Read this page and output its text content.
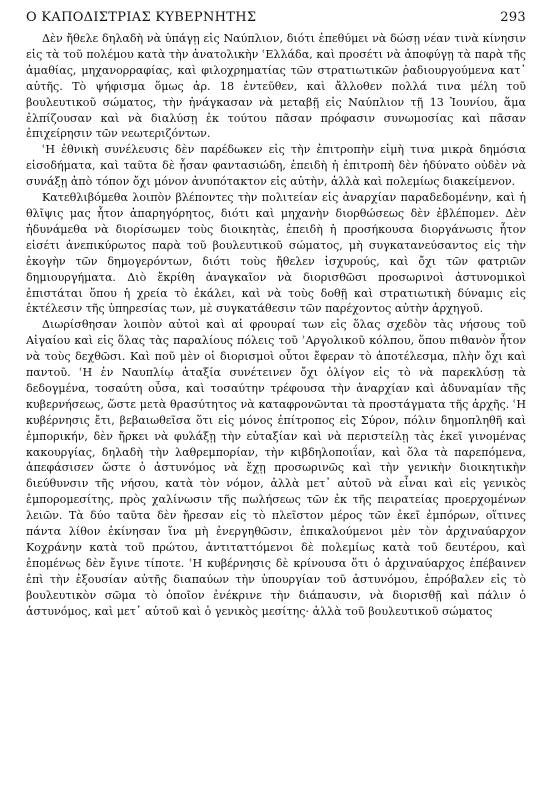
Ο ΚΑΠΟΔΙΣΤΡΙΑΣ ΚΥΒΕΡΝΗΤΗΣ	293

Δὲν ἤθελε δηλαδὴ νὰ ὑπάγῃ εἰς Ναύπλιον, διότι ἐπεθύμει νὰ δώσῃ νέαν τινὰ κίνησιν εἰς τὰ τοῦ πολέμου κατὰ τὴν ἀνατολικὴν ʿΕλλάδα, καὶ προσέτι νὰ ἀποφύγῃ τὰ παρὰ τῆς ἀμαθίας, μηχανορραφίας, καὶ φιλοχρηματίας τῶν στρατιωτικῶν ῥαδιουργούμενα κατ᾽ αὐτῆς. Τὸ ψήφισμα ὅμως ἀρ. 18 ἐντεῦθεν, καὶ ἄλλοθεν πολλά τινα μέλη τοῦ βουλευτικοῦ σώματος, τὴν ἠνάγκασαν νὰ μεταβῇ εἰς Ναύπλιον τῇ 13 Ἰουνίου, ἅμα ἐλπίζουσαν καὶ νὰ διαλύσῃ ἐκ τούτου πᾶσαν πρόφασιν συνωμοσίας καὶ πᾶσαν ἐπιχείρησιν τῶν νεωτεριζόντων.

ʿΗ ἐθνικὴ συνέλευσις δὲν παρέδωκεν εἰς τὴν ἐπιτροπὴν εἰμὴ τινα μικρὰ δημόσια εἰσοδήματα, καὶ ταῦτα δὲ ἦσαν φαντασιώδη, ἐπειδὴ ἡ ἐπιτροπὴ δὲν ἠδύνατο οὐδὲν νὰ συνάξῃ ἀπὸ τόπον ὄχι μόνον ἀνυπότακτον εἰς αὐτὴν, ἀλλὰ καὶ πολεμίως διακείμενον.

Κατεθλιβόμεθα λοιπὸν βλέποντες τὴν πολιτείαν εἰς ἀναρχίαν παραδεδομένην, καὶ ἡ θλῖψις μας ἦτον ἀπαρηγόρητος, διότι καὶ μηχανὴν διορθώσεως δὲν ἐβλέπομεν. Δὲν ἠδυνάμεθα νὰ διορίσωμεν τοὺς διοικητὰς, ἐπειδὴ ἡ προσήκουσα διοργάνωσις ἦτον εἰσέτι ἀνεπικύρωτος παρὰ τοῦ βουλευτικοῦ σώματος, μὴ συγκατανεύσαντος εἰς τὴν ἐκογὴν τῶν δημογερόντων, διότι τοὺς ἤθελεν ἰσχυρούς, καὶ ὄχι τῶν φατριῶν δημιουργήματα. Διὸ ἔκρίθη ἀναγκαῖον νὰ διορισθῶσι προσωρινοὶ ἀστυνομικοὶ ἐπιστάται ὅπου ἡ χρεία τὸ ἐκάλει, καὶ νὰ τοὺς δοθῇ καὶ στρατιωτικὴ δύναμις εἰς ἐκτέλεσιν τῆς ὑπηρεσίας των, μὲ συγκατάθεσιν τῶν παρέχοντος αὐτὴν ἀρχηγοῦ.

Διωρίσθησαν λοιπὸν αὐτοὶ καὶ αἱ φρουραί των εἰς ὅλας σχεδὸν τὰς νήσους τοῦ Αἰγαίου καὶ εἰς ὅλας τὰς παραλίους πόλεις τοῦ ʾΑργολικοῦ κόλπου, ὅπου πιθανὸν ἦτον νὰ τοὺς δεχθῶσι. Καὶ ποῦ μὲν οἱ διορισμοὶ οὗτοι ἔφεραν τὸ ἀποτέλεσμα, πλὴν ὄχι καὶ παντοῦ. ʿΗ ἐν Ναυπλίῳ ἀταξία συνέτεινεν ὄχι ὀλίγον εἰς τὸ νὰ παρεκλύσῃ τὰ δεδογμένα, τοσαύτη οὖσα, καὶ τοσαύτην τρέφουσα τὴν ἀναρχίαν καὶ ἀδυναμίαν τῆς κυβερνήσεως, ὥστε μετὰ θρασύτητος νὰ καταφρονῶνται τὰ προστάγματα τῆς ἀρχῆς. ʿΗ κυβέρνησις ἔτι, βεβαιωθεῖσα ὅτι εἰς μόνος ἐπίτροπος εἰς Σύρον, πόλιν δημοπληθῆ καὶ ἐμπορικήν, δὲν ἤρκει νὰ φυλάξῃ τὴν εὐταξίαν καὶ νὰ περιστείλῃ τὰς ἐκεῖ γινομένας κακουργίας, δηλαδὴ τὴν λαθρεμπορίαν, τὴν κιβδηλοποιΐαν, καὶ ὅλα τὰ παρεπόμενα, ἀπεφάσισεν ὥστε ὁ ἀστυνόμος νὰ ἔχῃ προσωρινῶς καὶ τὴν γενικὴν διοικητικὴν διεύθυνσιν τῆς νήσου, κατὰ τὸν νόμον, ἀλλὰ μετ᾽ αὐτοῦ νὰ εἶναι καὶ εἰς γενικὸς ἐμπορομεσίτης, πρὸς χαλίνωσιν τῆς πωλήσεως τῶν ἐκ τῆς πειρατείας προερχομένων λειῶν. Τὰ δύο ταῦτα δὲν ἤρεσαν εἰς τὸ πλεῖστον μέρος τῶν ἐκεῖ ἐμπόρων, οἵτινες πάντα λίθον ἐκίνησαν ἵνα μὴ ἐνεργηθῶσιν, ἐπικαλούμενοι μὲν τὸν ἀρχιναύαρχον Κοχράνην κατὰ τοῦ πρώτου, ἀντιταττόμενοι δὲ πολεμίως κατὰ τοῦ δευτέρου, καὶ ἐπομένως δὲν ἔγινε τίποτε. ʿΗ κυβέρνησις δὲ κρίνουσα ὅτι ὁ ἀρχιναύαρχος ἐπέβαινεν ἐπὶ τὴν ἐξουσίαν αὐτῆς διαπαύων τὴν ὑπουργίαν τοῦ ἀστυνόμου, ἐπρόβαλεν εἰς τὸ βουλευτικὸν σῶμα τὸ ὁποῖον ἐνέκρινε τὴν διάπαυσιν, νὰ διορισθῇ καὶ πάλιν ὁ ἀστυνόμος, καὶ μετ᾽ αὐτοῦ καὶ ὁ γενικὸς μεσίτης· ἀλλὰ τοῦ βουλευτικοῦ σώματος
